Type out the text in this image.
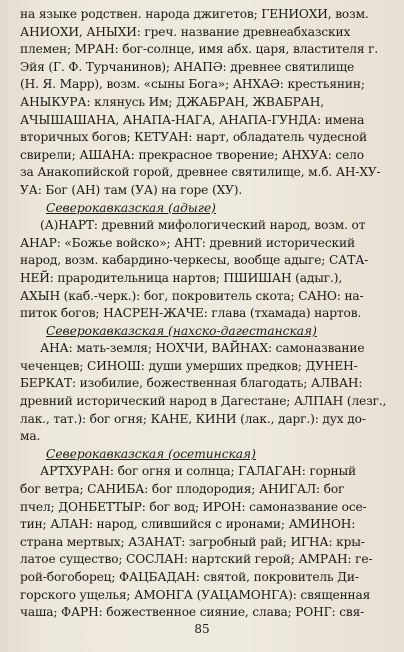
на языке родствен. народа джигетов; ГЕНИОХИ, возм.
АНИОХИ, АНЫХИ: греч. название древнеабхазских
племен; МРАН: бог-солнце, имя абх. царя, властителя г.
Эйя (Г. Ф. Турчанинов); АНАПӘ: древнее святилище
(Н. Я. Марр), возм. «сыны Бога»; АНХАӘ: крестьянин;
АНЫКУРА: клянусь Им; ДЖАБРАН, ЖВАБРАН,
АЧЫШАШАНА, АНАПА-НАГА, АНАПА-ГУНДА: имена
вторичных богов; КЕТУАН: нарт, обладатель чудесной
свирели; АШАНА: прекрасное творение; АНХУА: село
за Анакопийской горой, древнее святилище, м.б. АН-ХУ-
УА: Бог (АН) там (УА) на горе (ХУ).
Северокавказская (адыге)
(А)НАРТ: древний мифологический народ, возм. от
АНАР: «Божье войско»; АНТ: древний исторический
народ, возм. кабардино-черкесы, вообще адыге; САТА-
НЕЙ: прародительница нартов; ПШИШАН (адыг.),
АХЫН (каб.-черк.): бог, покровитель скота; САНО: на-
питок богов; НАСРЕН-ЖАЧЕ: глава (тхамада) нартов.
Северокавказская (нахско-дагестанская)
АНА: мать-земля; НОХЧИ, ВАЙНАХ: самоназвание
чеченцев; СИНОШ: души умерших предков; ДУНЕН-
БЕРКАТ: изобилие, божественная благодать; АЛВАН:
древний исторический народ в Дагестане; АЛПАН (лезг.,
лак., тат.): бог огня; КАНЕ, КИНИ (лак., дарг.): дух до-
ма.
Северокавказская (осетинская)
АРТХУРАН: бог огня и солнца; ГАЛАГАН: горный
бог ветра; САНИБА: бог плодородия; АНИГАЛ: бог
пчел; ДОНБЕТТЫР: бог вод; ИРОН: самоназвание осе-
тин; АЛАН: народ, слившийся с иронами; АМИНОН:
страна мертвых; АЗАНАТ: загробный рай; ИГНА: кры-
латое существо; СОСЛАН: нартский герой; АМРАН: ге-
рой-богоборец; ФАЦБАДАН: святой, покровитель Ди-
горского ущелья; АМОНГА (УАЦАМОНГА): священная
чаша; ФАРН: божественное сияние, слава; РОНГ: свя-
85
